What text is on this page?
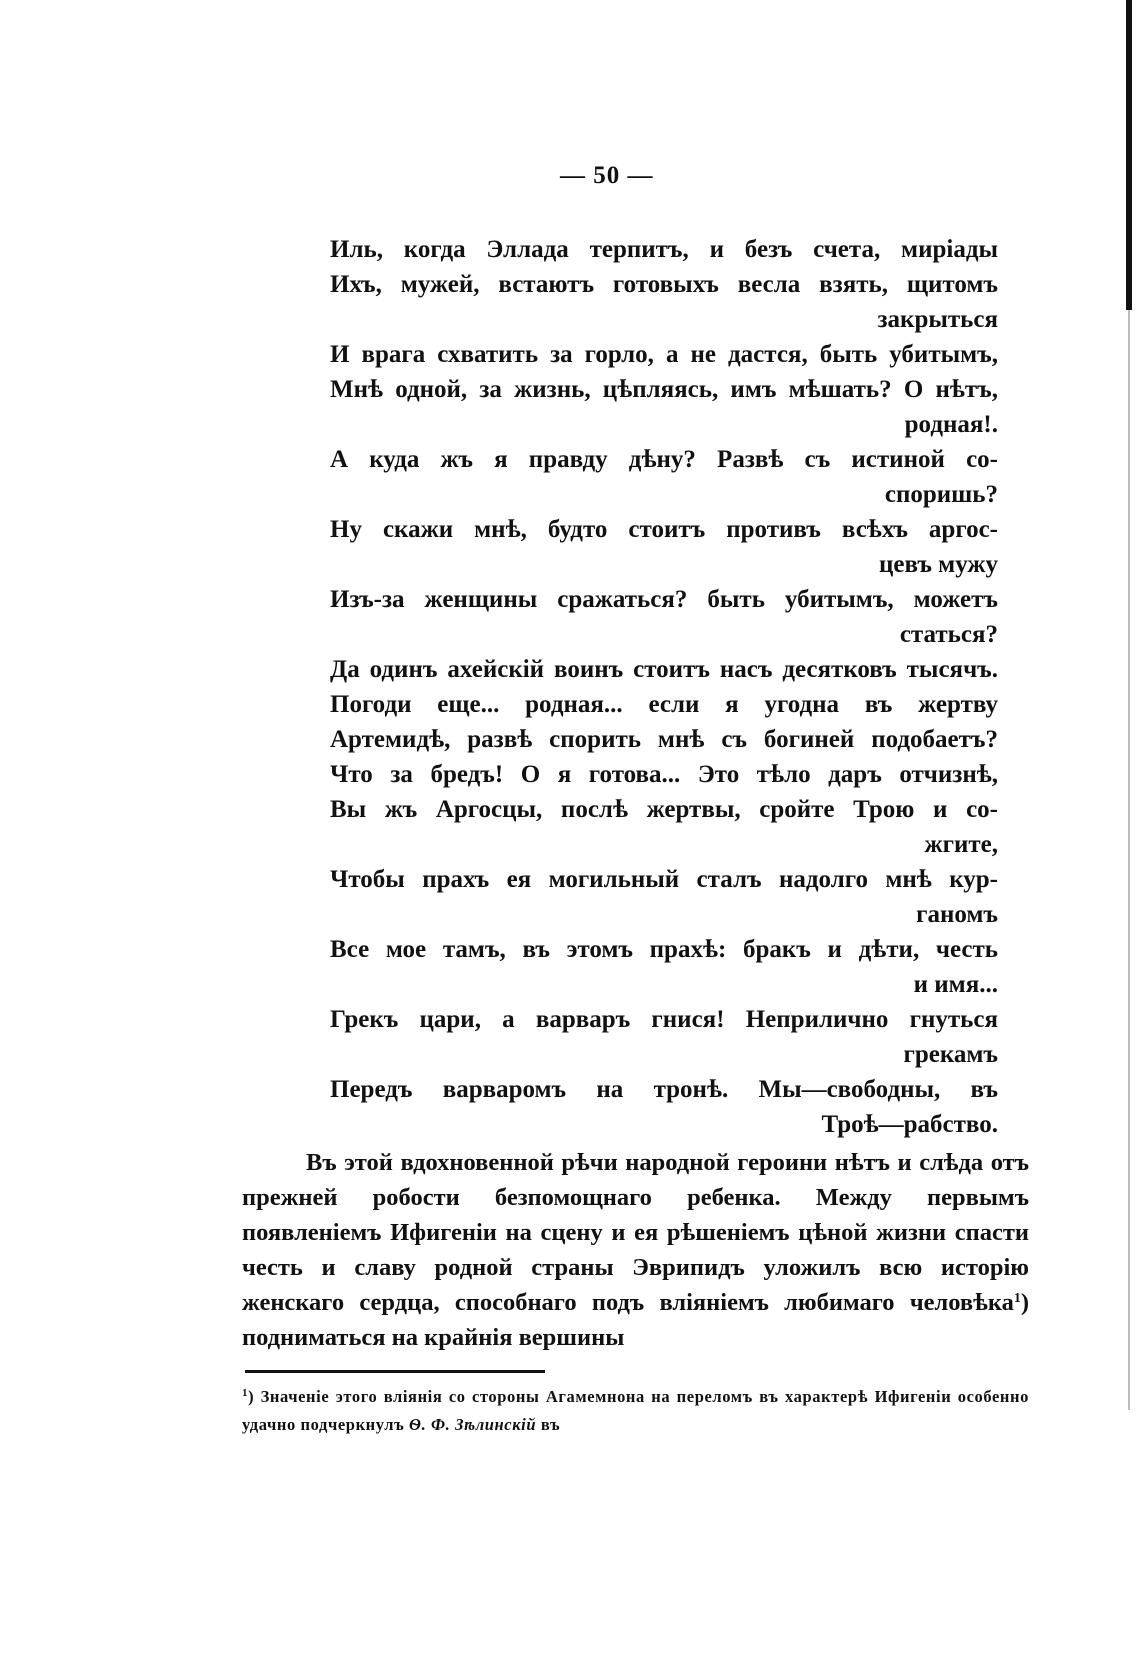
— 50 —
Иль, когда Эллада терпитъ, и безъ счета, миріады
Ихъ, мужей, встаютъ готовыхъ весла взять, щитомъ
закрыться
И врага схватить за горло, а не дастся, быть убитымъ,
Мнѣ одной, за жизнь, цѣпляясь, имъ мѣшать? О нѣтъ,
родная!.
А куда жъ я правду дѣну? Развѣ съ истиной со-
споришь?
Ну скажи мнѣ, будто стоитъ противъ всѣхъ аргос-
цевъ мужу
Изъ-за женщины сражаться? быть убитымъ, можетъ
статься?
Да одинъ ахейскій воинъ стоитъ насъ десятковъ тысячъ.
Погоди еще... родная... если я угодна въ жертву
Артемидѣ, развѣ спорить мнѣ съ богиней подобаетъ?
Что за бредъ! О я готова... Это тѣло даръ отчизнѣ,
Вы жъ Аргосцы, послѣ жертвы, сройте Трою и со-
жгите,
Чтобы прахъ ея могильный сталъ надолго мнѣ кур-
ганомъ
Все мое тамъ, въ этомъ прахѣ: бракъ и дѣти, честь
и имя...
Грекъ цари, а варваръ гнися! Неприлично гнуться
грекамъ
Передъ варваромъ на тронѣ. Мы—свободны, въ
Троѣ—рабство.

Въ этой вдохновенной рѣчи народной героини нѣтъ и слѣда отъ прежней робости безпомощнаго ребенка. Между первымъ появленіемъ Ифигеніи на сцену и ея рѣшеніемъ цѣной жизни спасти честь и славу родной страны Эврипидъ уложилъ всю исторію женскаго сердца, способнаго подъ вліяніемъ любимаго человѣка$^1$) подниматься на крайнія вершины

$^1$) Значеніе этого вліянія со стороны Агамемнона на переломъ въ характерѣ Ифигеніи особенно удачно подчеркнулъ Ѳ. Ф. Зѣлинскій въ
